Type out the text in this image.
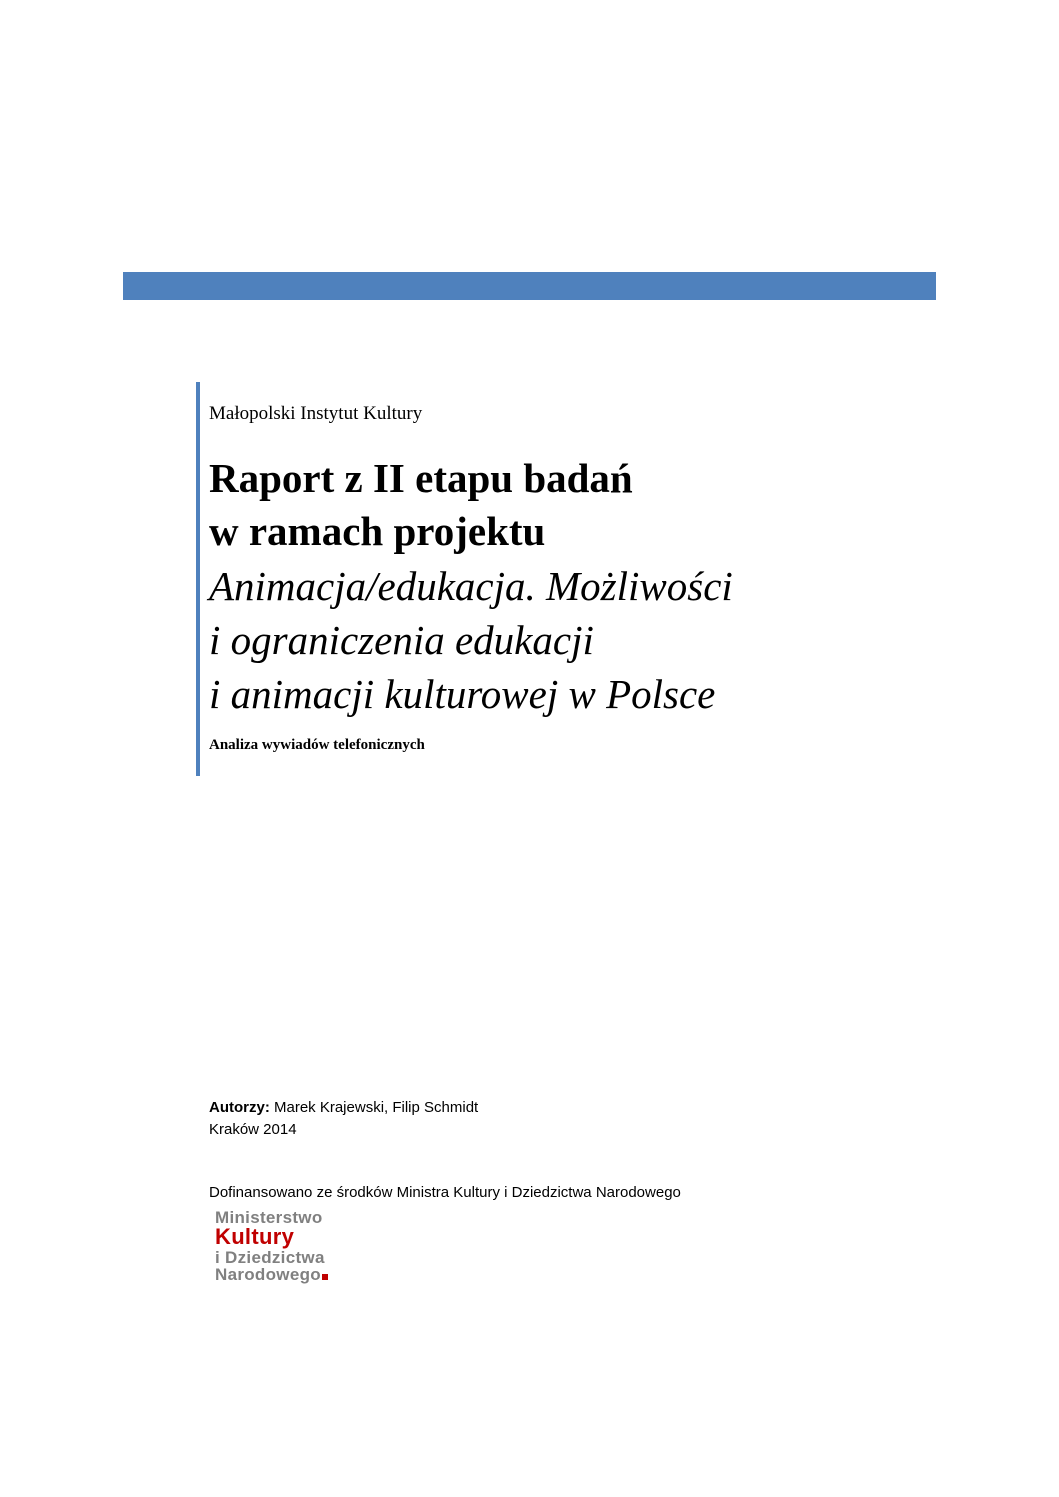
Małopolski Instytut Kultury
Raport z II etapu badań
w ramach projektu
Animacja/edukacja. Możliwości
i ograniczenia edukacji
i animacji kulturowej w Polsce
Analiza wywiadów telefonicznych
Autorzy: Marek Krajewski, Filip Schmidt
Kraków 2014
Dofinansowano ze środków Ministra Kultury i Dziedzictwa Narodowego
Ministerstwo
Kultury
i Dziedzictwa
Narodowego
